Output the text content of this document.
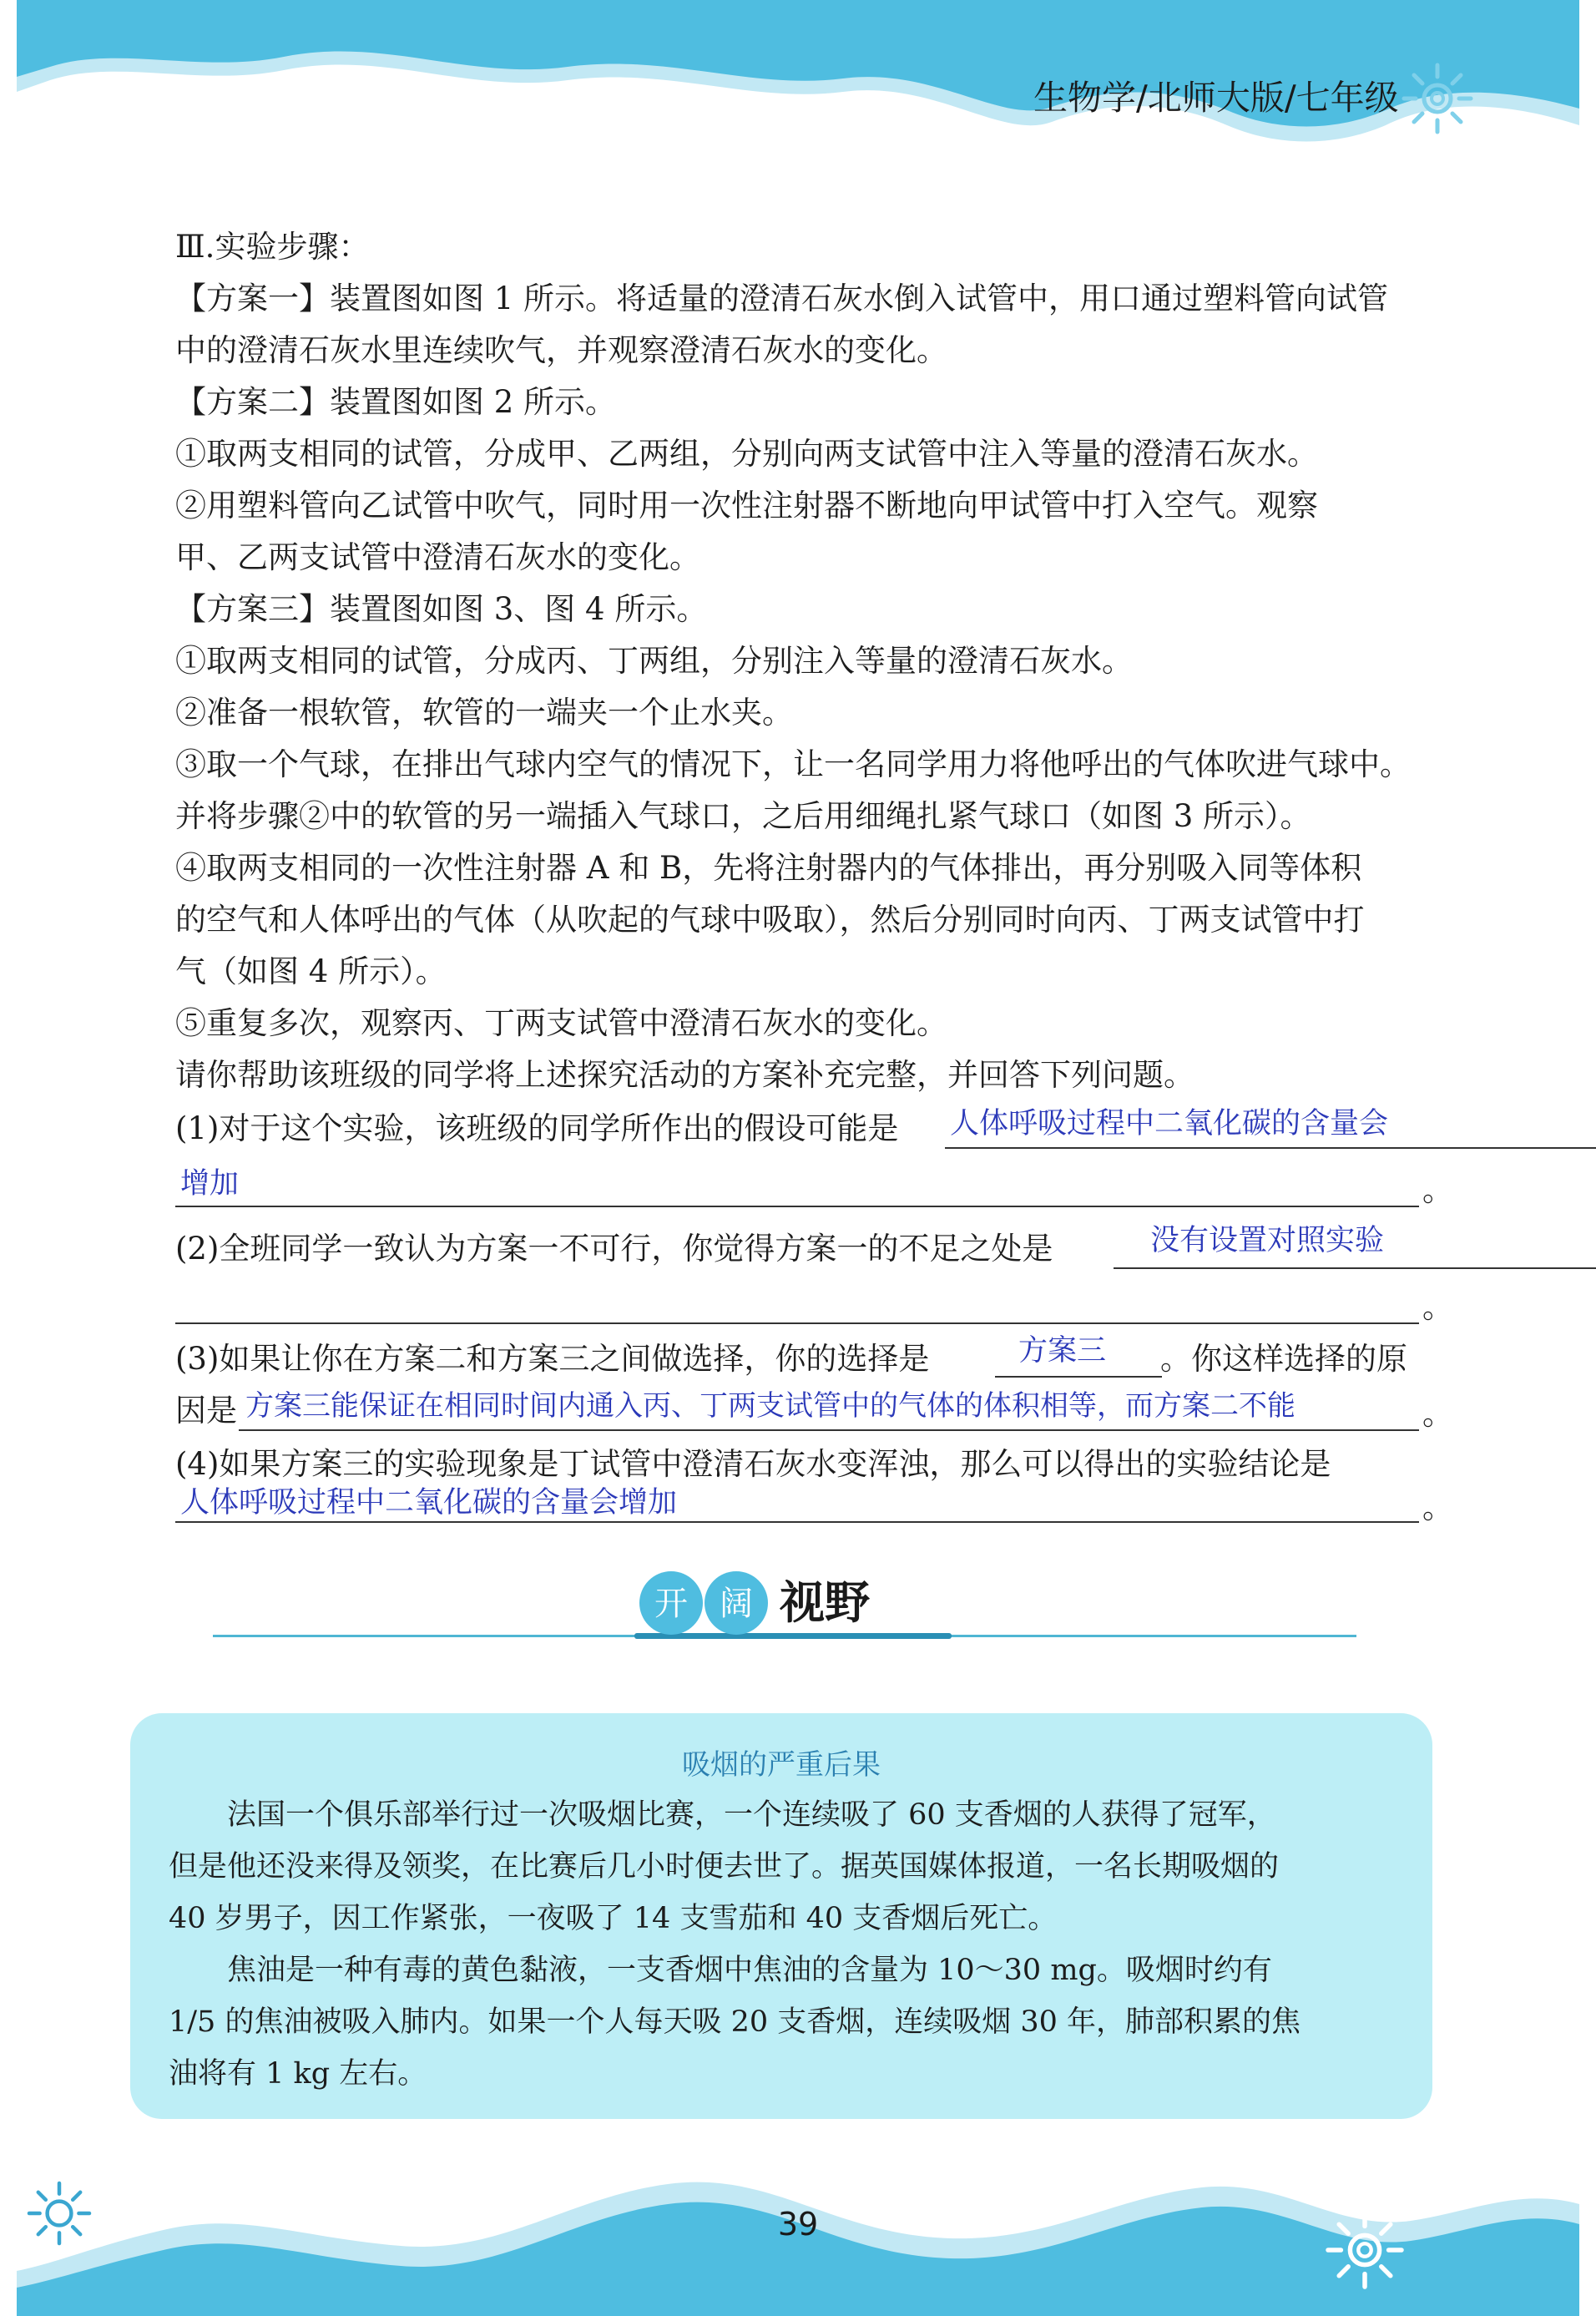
生物学/北师大版/七年级
Ⅲ.实验步骤：
【方案一】装置图如图 1 所示。将适量的澄清石灰水倒入试管中，用口通过塑料管向试管
中的澄清石灰水里连续吹气，并观察澄清石灰水的变化。
【方案二】装置图如图 2 所示。
①取两支相同的试管，分成甲、乙两组，分别向两支试管中注入等量的澄清石灰水。
②用塑料管向乙试管中吹气，同时用一次性注射器不断地向甲试管中打入空气。观察
甲、乙两支试管中澄清石灰水的变化。
【方案三】装置图如图 3、图 4 所示。
①取两支相同的试管，分成丙、丁两组，分别注入等量的澄清石灰水。
②准备一根软管，软管的一端夹一个止水夹。
③取一个气球，在排出气球内空气的情况下，让一名同学用力将他呼出的气体吹进气球中。
并将步骤②中的软管的另一端插入气球口，之后用细绳扎紧气球口（如图 3 所示）。
④取两支相同的一次性注射器 A 和 B，先将注射器内的气体排出，再分别吸入同等体积
的空气和人体呼出的气体（从吹起的气球中吸取），然后分别同时向丙、丁两支试管中打
气（如图 4 所示）。
⑤重复多次，观察丙、丁两支试管中澄清石灰水的变化。
请你帮助该班级的同学将上述探究活动的方案补充完整，并回答下列问题。
(1)对于这个实验，该班级的同学所作出的假设可能是	人体呼吸过程中二氧化碳的含量会
增加	。
(2)全班同学一致认为方案一不可行，你觉得方案一的不足之处是	没有设置对照实验
。
(3)如果让你在方案二和方案三之间做选择，你的选择是	方案三 。你这样选择的原
因是 方案三能保证在相同时间内通入丙、丁两支试管中的气体的体积相等，而方案二不能	。
(4)如果方案三的实验现象是丁试管中澄清石灰水变浑浊，那么可以得出的实验结论是
人体呼吸过程中二氧化碳的含量会增加	。
开 阔 视野
吸烟的严重后果
法国一个俱乐部举行过一次吸烟比赛，一个连续吸了 60 支香烟的人获得了冠军，
但是他还没来得及领奖，在比赛后几小时便去世了。据英国媒体报道，一名长期吸烟的
40 岁男子，因工作紧张，一夜吸了 14 支雪茄和 40 支香烟后死亡。
焦油是一种有毒的黄色黏液，一支香烟中焦油的含量为 10～30 mg。吸烟时约有
1/5 的焦油被吸入肺内。如果一个人每天吸 20 支香烟，连续吸烟 30 年，肺部积累的焦
油将有 1 kg 左右。
39
